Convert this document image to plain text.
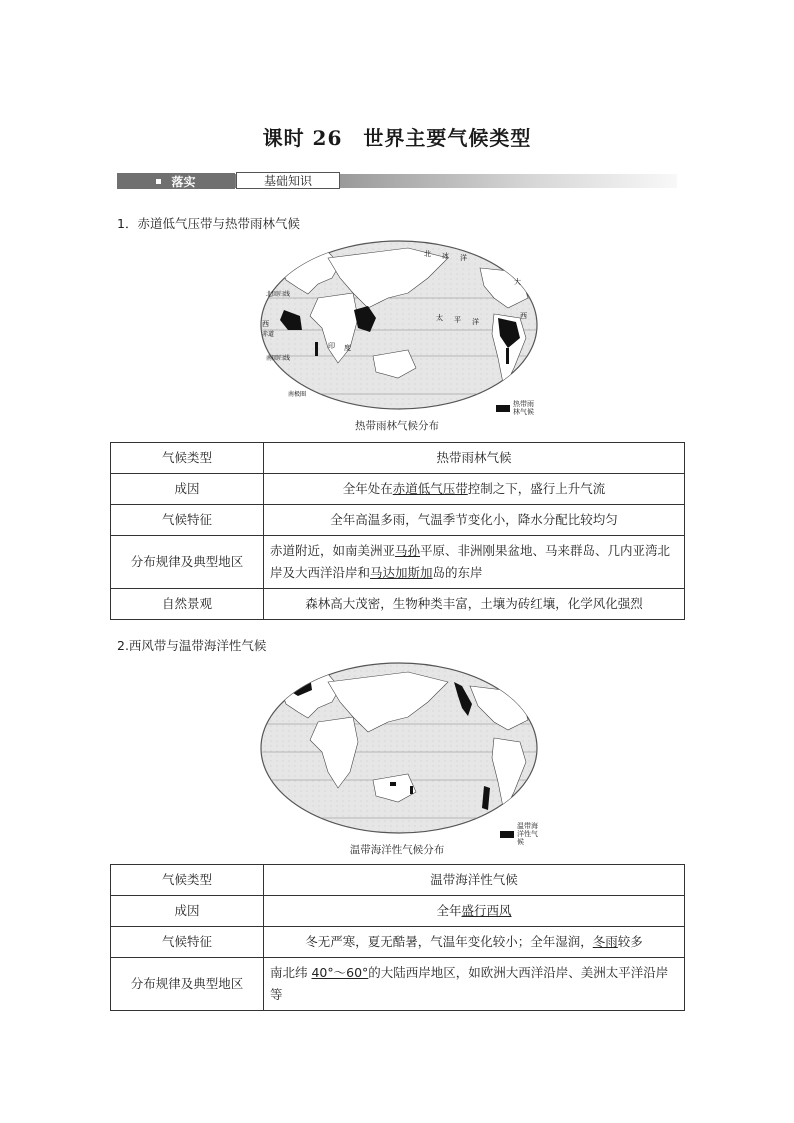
课时 26　世界主要气候类型
落实	基础知识
1．赤道低气压带与热带雨林气候
北 冰 洋
大
西
西
太 平 洋
印 度
赤道
南回归线
北回归线
南极圈
热带雨林气候
热带雨林气候分布
气候类型	热带雨林气候
成因	全年处在赤道低气压带控制之下，盛行上升气流
气候特征	全年高温多雨，气温季节变化小，降水分配比较均匀
分布规律及典型地区	赤道附近，如南美洲亚马孙平原、非洲刚果盆地、马来群岛、几内亚湾北岸及大西洋沿岸和马达加斯加岛的东岸
自然景观	森林高大茂密，生物种类丰富，土壤为砖红壤，化学风化强烈
2.西风带与温带海洋性气候
温带海洋性气候
温带海洋性气候分布
气候类型	温带海洋性气候
成因	全年盛行西风
气候特征	冬无严寒，夏无酷暑，气温年变化较小；全年湿润，冬雨较多
分布规律及典型地区	南北纬 40°～60°的大陆西岸地区，如欧洲大西洋沿岸、美洲太平洋沿岸等
